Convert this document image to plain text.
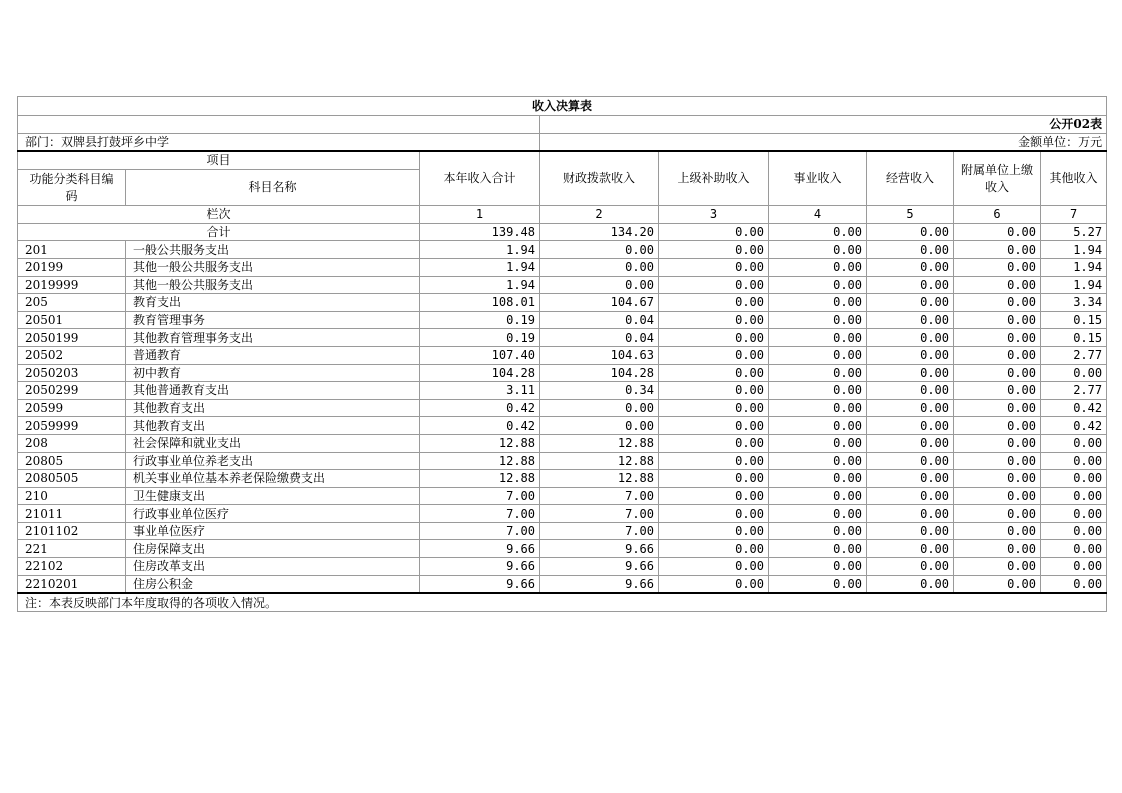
收入决算表								
			公开02表					
部门：双牌县打鼓坪乡中学			金额单位：万元					
项目		本年收入合计	财政拨款收入	上级补助收入	事业收入	经营收入	附属单位上缴收入	其他收入
功能分类科目编码	科目名称							
栏次		1	2	3	4	5	6	7
合计		139.48	134.20	0.00	0.00	0.00	0.00	5.27
201	一般公共服务支出	1.94	0.00	0.00	0.00	0.00	0.00	1.94
20199	其他一般公共服务支出	1.94	0.00	0.00	0.00	0.00	0.00	1.94
2019999	其他一般公共服务支出	1.94	0.00	0.00	0.00	0.00	0.00	1.94
205	教育支出	108.01	104.67	0.00	0.00	0.00	0.00	3.34
20501	教育管理事务	0.19	0.04	0.00	0.00	0.00	0.00	0.15
2050199	其他教育管理事务支出	0.19	0.04	0.00	0.00	0.00	0.00	0.15
20502	普通教育	107.40	104.63	0.00	0.00	0.00	0.00	2.77
2050203	初中教育	104.28	104.28	0.00	0.00	0.00	0.00	0.00
2050299	其他普通教育支出	3.11	0.34	0.00	0.00	0.00	0.00	2.77
20599	其他教育支出	0.42	0.00	0.00	0.00	0.00	0.00	0.42
2059999	其他教育支出	0.42	0.00	0.00	0.00	0.00	0.00	0.42
208	社会保障和就业支出	12.88	12.88	0.00	0.00	0.00	0.00	0.00
20805	行政事业单位养老支出	12.88	12.88	0.00	0.00	0.00	0.00	0.00
2080505	机关事业单位基本养老保险缴费支出	12.88	12.88	0.00	0.00	0.00	0.00	0.00
210	卫生健康支出	7.00	7.00	0.00	0.00	0.00	0.00	0.00
21011	行政事业单位医疗	7.00	7.00	0.00	0.00	0.00	0.00	0.00
2101102	事业单位医疗	7.00	7.00	0.00	0.00	0.00	0.00	0.00
221	住房保障支出	9.66	9.66	0.00	0.00	0.00	0.00	0.00
22102	住房改革支出	9.66	9.66	0.00	0.00	0.00	0.00	0.00
2210201	住房公积金	9.66	9.66	0.00	0.00	0.00	0.00	0.00
注：本表反映部门本年度取得的各项收入情况。								
